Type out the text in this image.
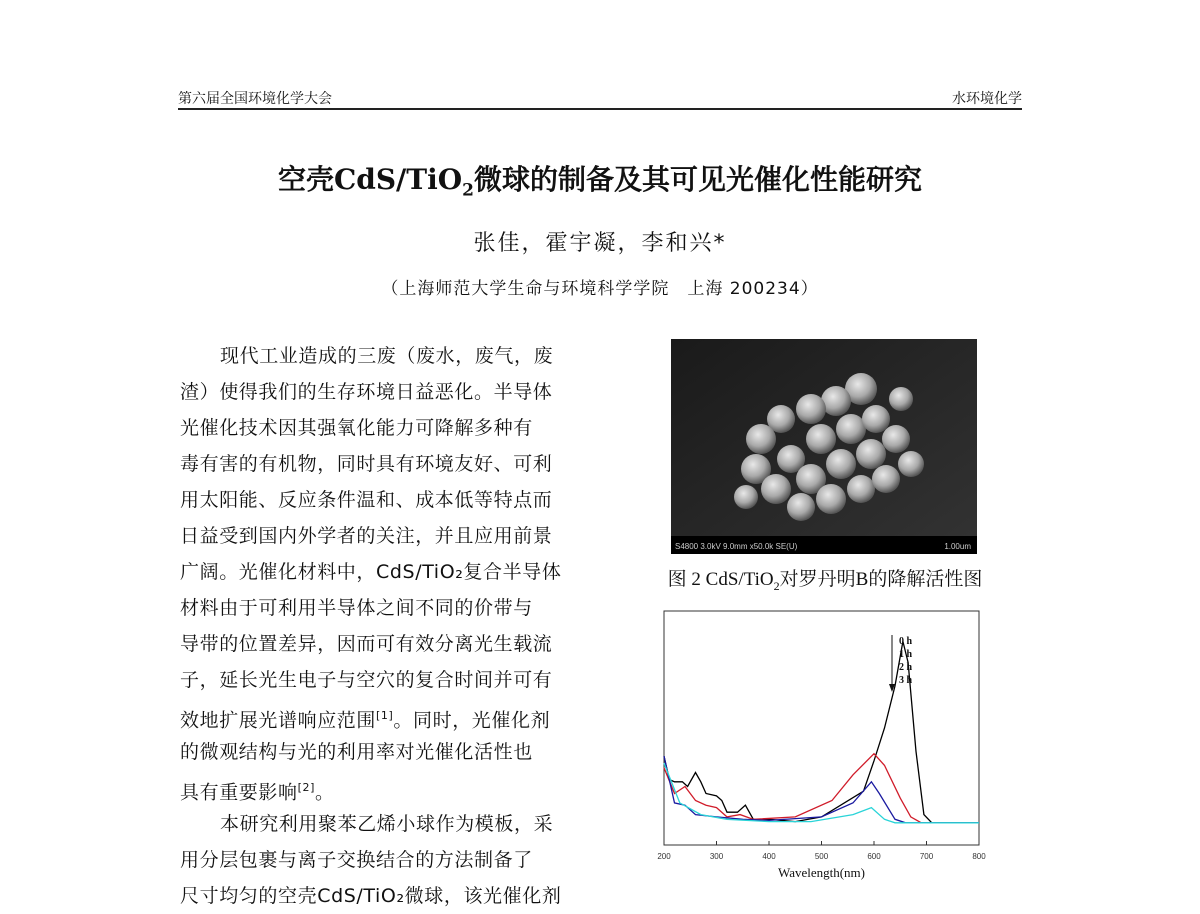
第六届全国环境化学大会	水环境化学
空壳CdS/TiO$_2$微球的制备及其可见光催化性能研究
张佳，霍宇凝，李和兴*
（上海师范大学生命与环境科学学院　上海 200234）
现代工业造成的三废（废水，废气，废
渣）使得我们的生存环境日益恶化。半导体
光催化技术因其强氧化能力可降解多种有
毒有害的有机物，同时具有环境友好、可利
用太阳能、反应条件温和、成本低等特点而
日益受到国内外学者的关注，并且应用前景
广阔。光催化材料中，CdS/TiO₂复合半导体
材料由于可利用半导体之间不同的价带与
导带的位置差异，因而可有效分离光生载流
子，延长光生电子与空穴的复合时间并可有
效地扩展光谱响应范围[1]。同时，光催化剂
的微观结构与光的利用率对光催化活性也
具有重要影响[2]。
本研究利用聚苯乙烯小球作为模板，采
用分层包裹与离子交换结合的方法制备了
尺寸均匀的空壳CdS/TiO₂微球，该光催化剂
S4800 3.0kV 9.0mm x50.0k SE(U)	1.00um
图 2 CdS/TiO$_2$对罗丹明B的降解活性图
200	300	400	500	600	700	800
Wavelength(nm)
0 h
1 h
2 h
3 h
